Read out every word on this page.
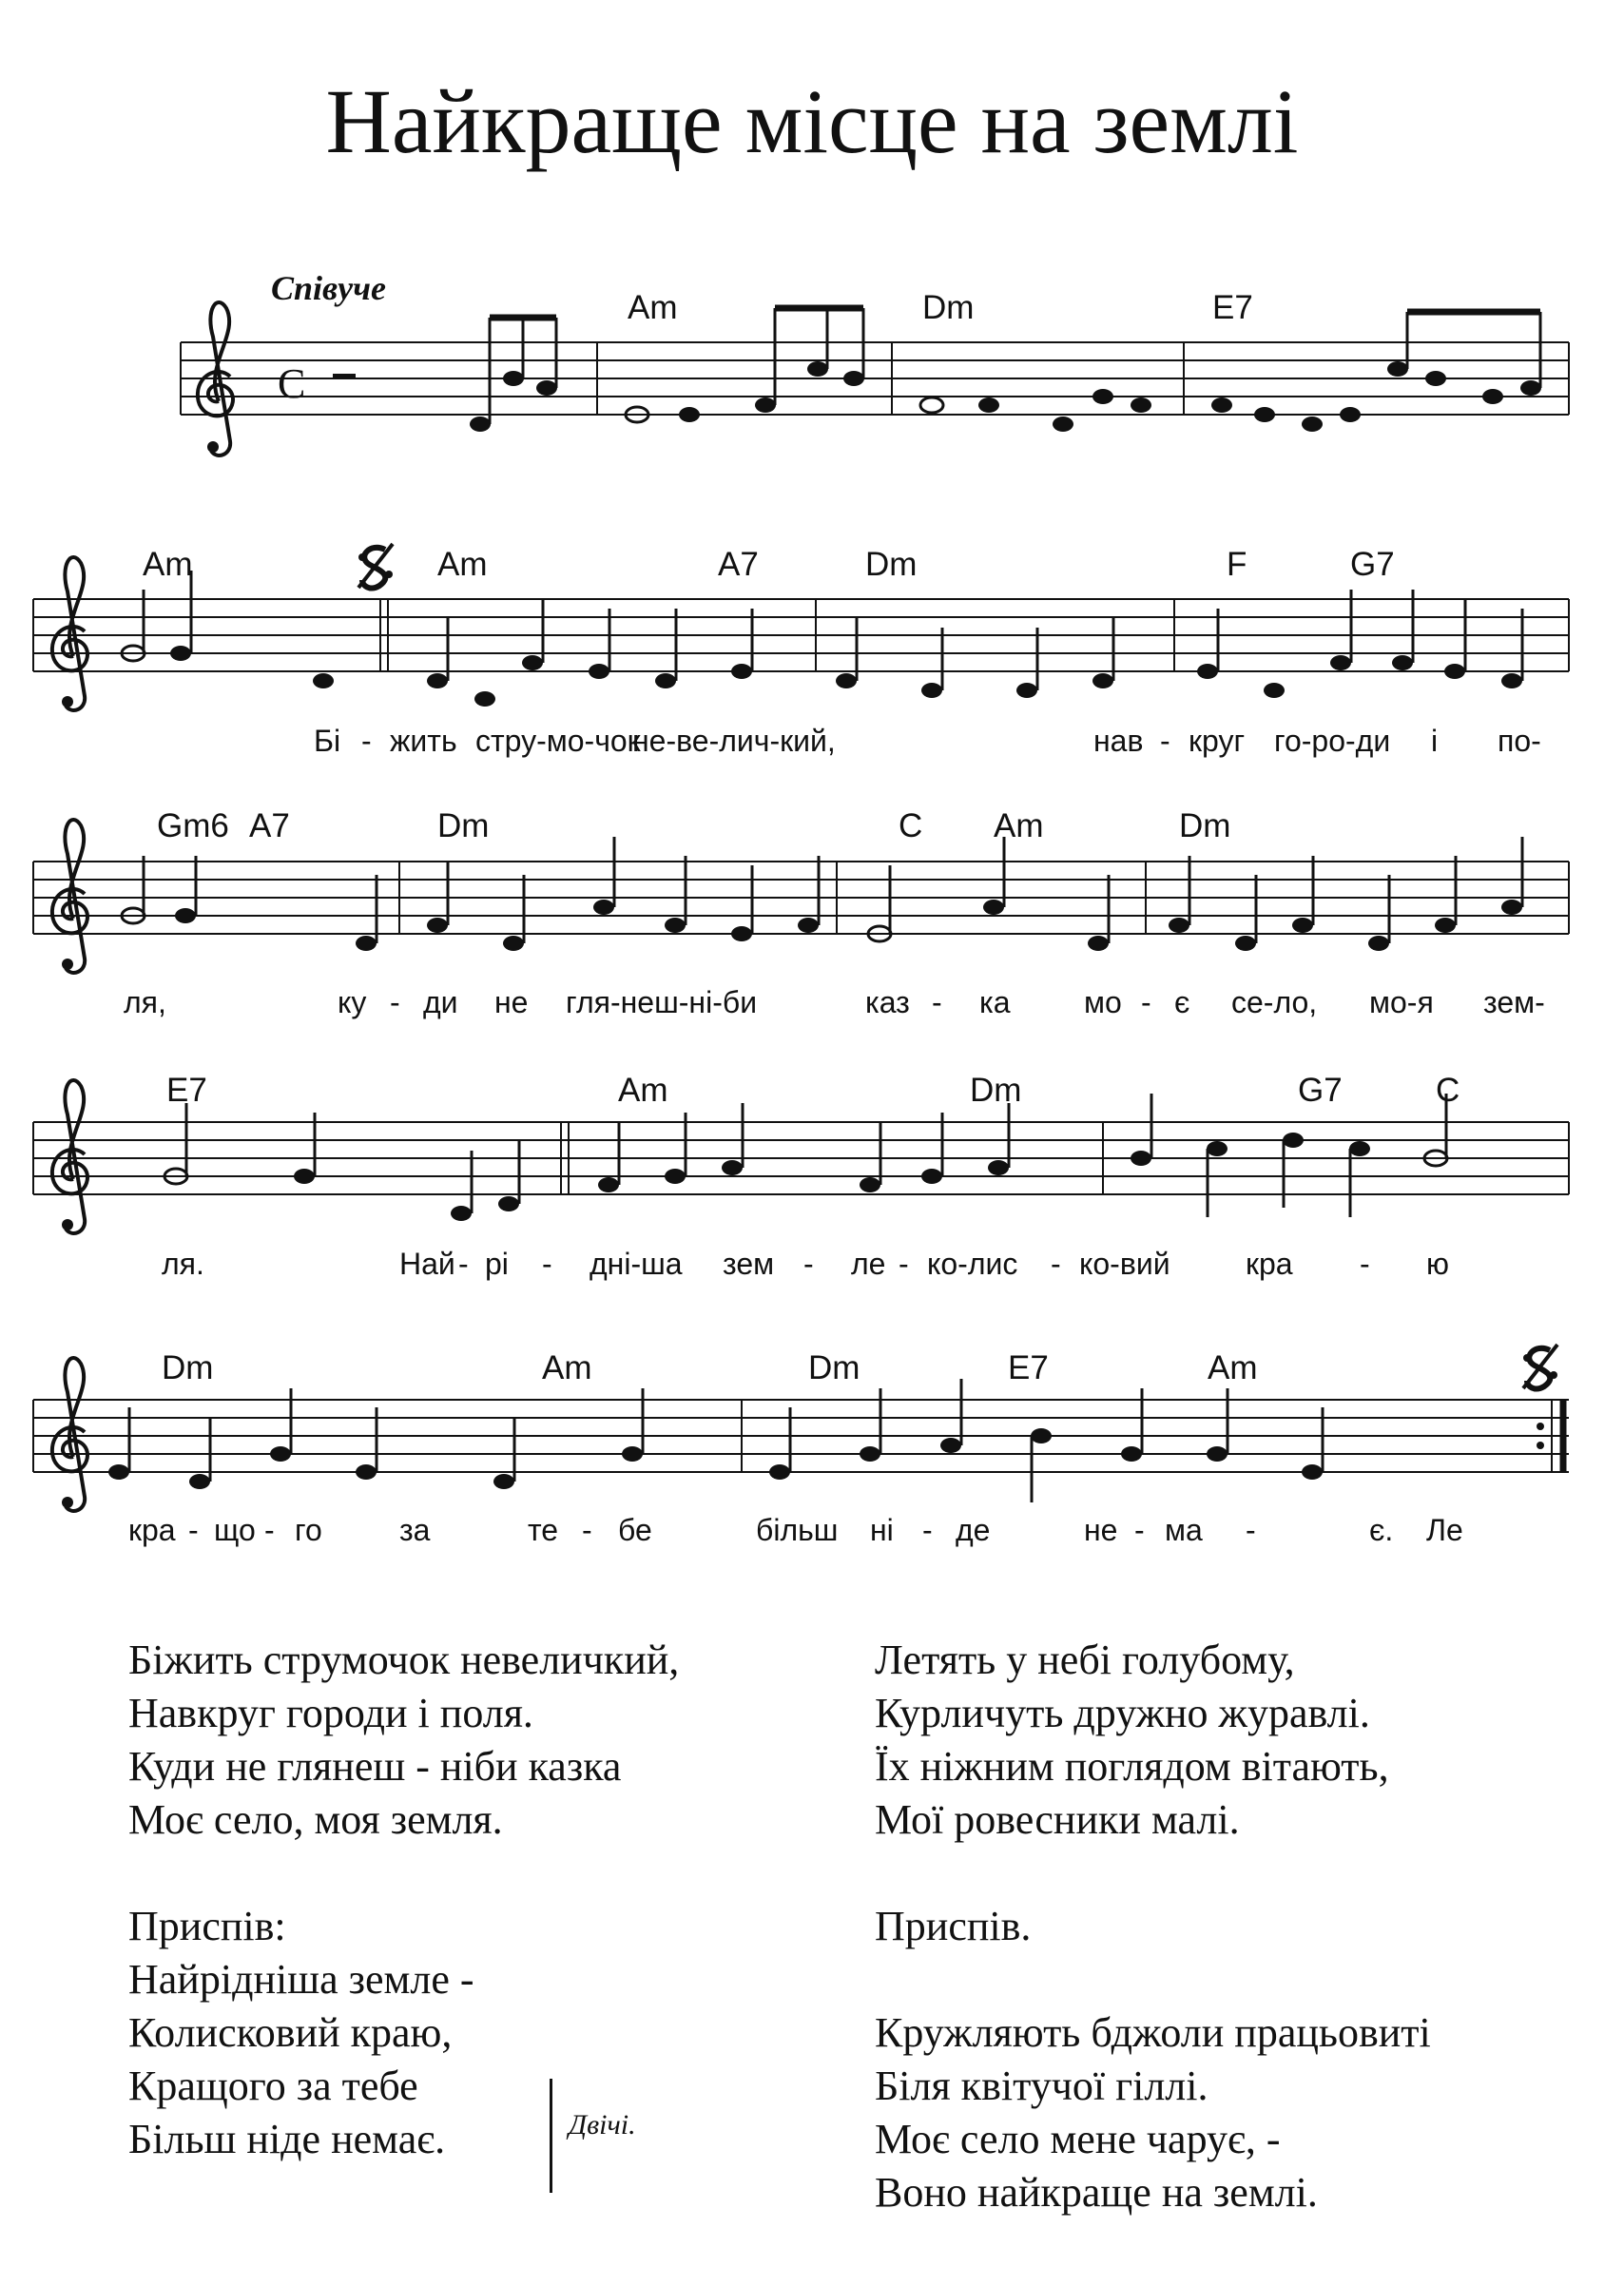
Найкраще місце на землі
Співуче
C
Am	Dm	E7
Am	Am	A7	Dm	F	G7
Gm6 A7	Dm	C Am	Dm
E7	Am	Dm	G7	C
Dm	Am	Dm	E7	Am
Бі - жить стру-мо-чок
не-ве-лич-кий,	нав - круг го-ро-ди і по-
ля,	ку - ди не гля-неш-ні-би	каз - ка мо - є се-ло, мо-я зем-
ля.	Най - рі - дні-ша зем - ле - ко-лис - ко-вий кра - ю
кра - що - го	за	те - бе	більш ні - де	не - ма -	є. Ле
Біжить струмочок невеличкий,
Навкруг городи і поля.
Куди не глянеш - ніби казка
Моє село, моя земля.
Приспів:
Найрідніша земле -
Колисковий краю,
Кращого за тебе
Більш ніде немає.	Двічі.
Летять у небі голубому,
Курличуть дружно журавлі.
Їх ніжним поглядом вітають,
Мої ровесники малі.
Приспів.
Кружляють бджоли працьовиті
Біля квітучої гіллі.
Моє село мене чарує, -
Воно найкраще на землі.
